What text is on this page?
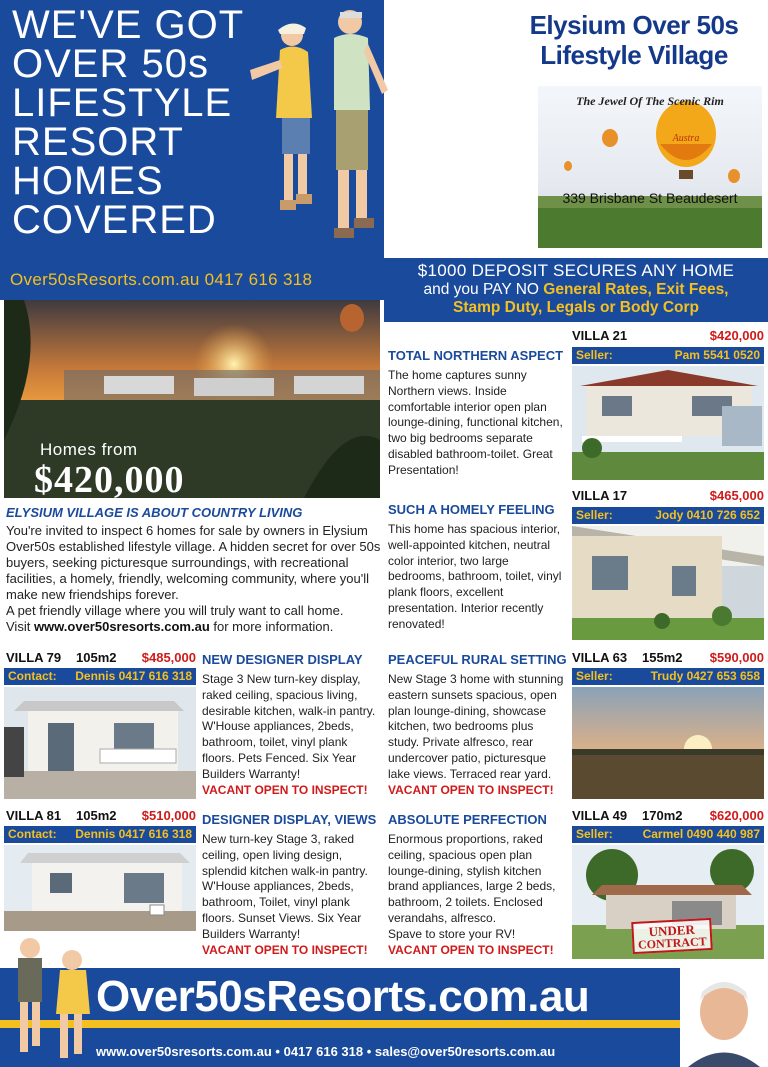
WE'VE GOT
OVER 50s
LIFESTYLE
RESORT
HOMES
COVERED
Over50sResorts.com.au 0417 616 318
Elysium Over 50s
Lifestyle Village
Austra
The Jewel Of The Scenic Rim
339 Brisbane St Beaudesert
$1000 DEPOSIT SECURES ANY HOME
and you PAY NO General Rates, Exit Fees,
Stamp Duty, Legals or Body Corp
Homes from
$420,000
ELYSIUM VILLAGE IS ABOUT COUNTRY LIVING
You're invited to inspect 6 homes for sale by owners in Elysium Over50s established lifestyle village. A hidden secret for over 50s buyers, seeking picturesque surroundings, with recreational facilities, a homely, friendly, welcoming community, where you'll make new friendships forever.
A pet friendly village where you will truly want to call home.
Visit www.over50sresorts.com.au for more information.
VILLA 21	$420,000
Seller:	Pam 5541 0520
TOTAL NORTHERN ASPECT
The home captures sunny Northern views. Inside comfortable interior open plan lounge-dining, functional kitchen, two big bedrooms separate disabled bathroom-toilet. Great Presentation!
VILLA 17	$465,000
Seller:	Jody 0410 726 652
SUCH A HOMELY FEELING
This home has spacious interior, well-appointed kitchen, neutral color interior, two large bedrooms, bathroom, toilet, vinyl plank floors, excellent presentation. Interior recently renovated!
VILLA 79 105m2 $485,000
Contact: Dennis 0417 616 318
NEW DESIGNER DISPLAY
Stage 3 New turn-key display, raked ceiling, spacious living, desirable kitchen, walk-in pantry. W'House appliances, 2beds, bathroom, toilet, vinyl plank floors. Pets Fenced. Six Year Builders Warranty!
VACANT OPEN TO INSPECT!
VILLA 63 155m2 $590,000
Seller:	Trudy 0427 653 658
PEACEFUL RURAL SETTING
New Stage 3 home with stunning eastern sunsets spacious, open plan lounge-dining, showcase kitchen, two bedrooms plus study. Private alfresco, rear undercover patio, picturesque lake views. Terraced rear yard.
VACANT OPEN TO INSPECT!
VILLA 81 105m2 $510,000
Contact: Dennis 0417 616 318
DESIGNER DISPLAY, VIEWS
New turn-key Stage 3, raked ceiling, open living design, splendid kitchen walk-in pantry. W'House appliances, 2beds, bathroom, Toilet, vinyl plank floors. Sunset Views. Six Year Builders Warranty!
VACANT OPEN TO INSPECT!
VILLA 49 170m2 $620,000
Seller: Carmel 0490 440 987
UNDER
CONTRACT
ABSOLUTE PERFECTION
Enormous proportions, raked ceiling, spacious open plan lounge-dining, stylish kitchen brand appliances, large 2 beds, bathroom, 2 toilets. Enclosed verandahs, alfresco.
Spave to store your RV!
VACANT OPEN TO INSPECT!
Over50sResorts.com.au
www.over50sresorts.com.au • 0417 616 318 • sales@over50resorts.com.au
